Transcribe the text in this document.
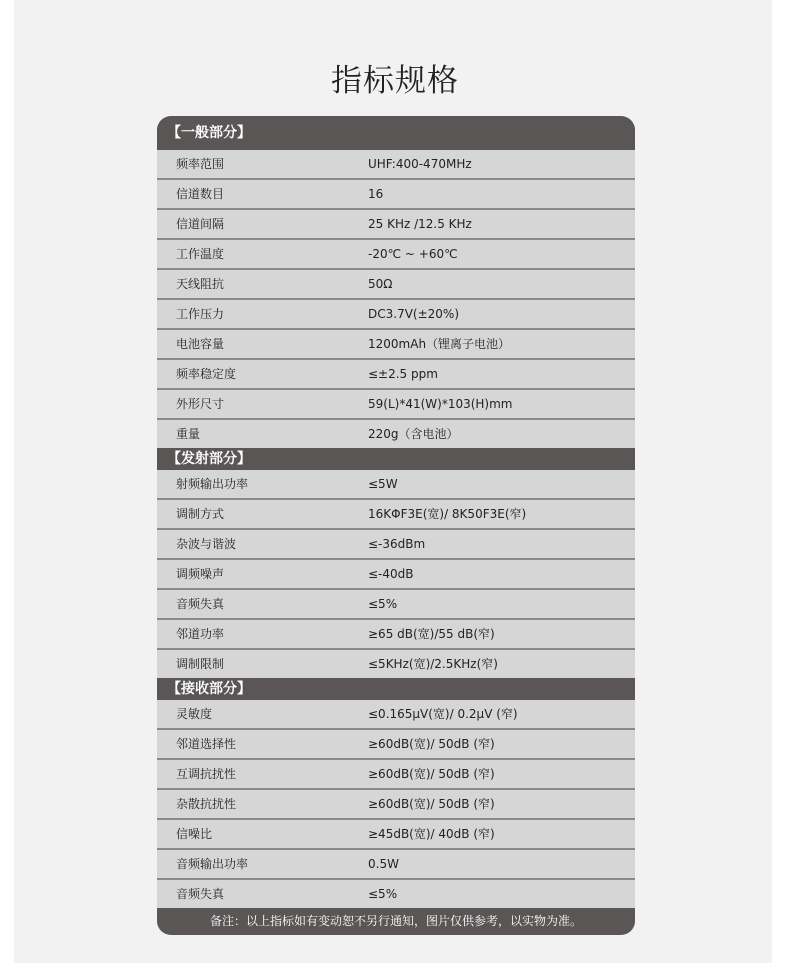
指标规格
【一般部分】
频率范围	UHF:400-470MHz
信道数目	16
信道间隔	25 KHz /12.5 KHz
工作温度	-20℃ ~ +60℃
天线阻抗	50Ω
工作压力	DC3.7V(±20%)
电池容量	1200mAh（锂离子电池）
频率稳定度	≤±2.5 ppm
外形尺寸	59(L)*41(W)*103(H)mm
重量	220g（含电池）
【发射部分】
射频输出功率	≤5W
调制方式	16KΦF3E(宽)/ 8K50F3E(窄)
杂波与谐波	≤-36dBm
调频噪声	≤-40dB
音频失真	≤5%
邻道功率	≥65 dB(宽)/55 dB(窄)
调制限制	≤5KHz(宽)/2.5KHz(窄)
【接收部分】
灵敏度	≤0.165μV(宽)/ 0.2μV (窄)
邻道选择性	≥60dB(宽)/ 50dB (窄)
互调抗扰性	≥60dB(宽)/ 50dB (窄)
杂散抗扰性	≥60dB(宽)/ 50dB (窄)
信噪比	≥45dB(宽)/ 40dB (窄)
音频输出功率	0.5W
音频失真	≤5%
备注：以上指标如有变动恕不另行通知，图片仅供参考，以实物为准。
